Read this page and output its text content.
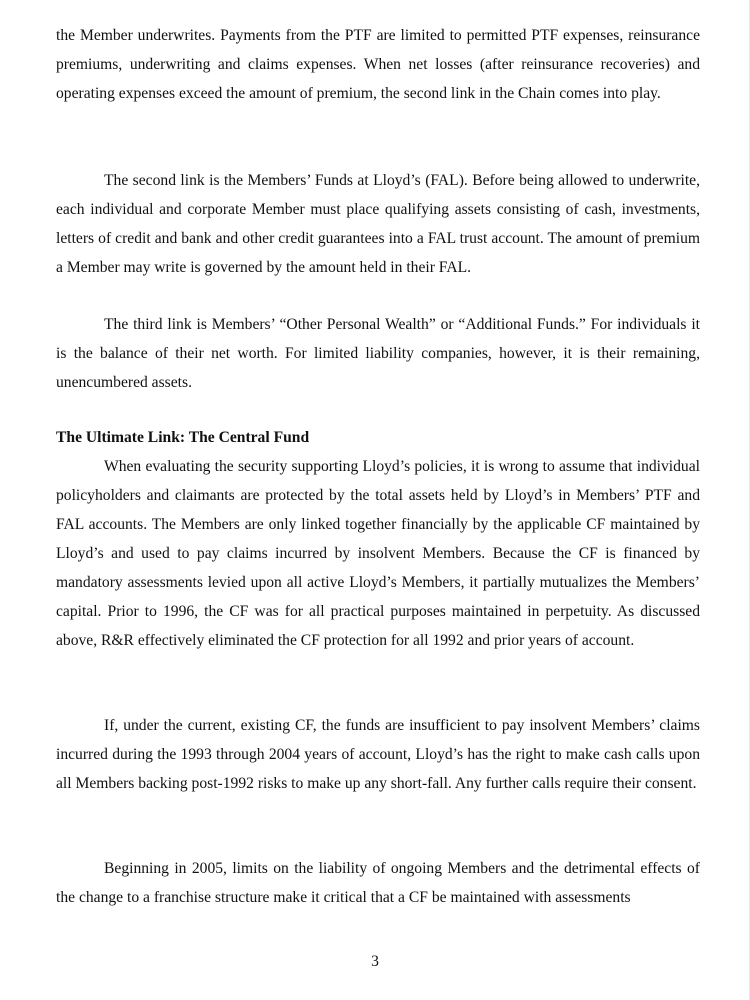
the Member underwrites. Payments from the PTF are limited to permitted PTF expenses, reinsurance premiums, underwriting and claims expenses. When net losses (after reinsurance recoveries) and operating expenses exceed the amount of premium, the second link in the Chain comes into play.

The second link is the Members’ Funds at Lloyd’s (FAL). Before being allowed to underwrite, each individual and corporate Member must place qualifying assets consisting of cash, investments, letters of credit and bank and other credit guarantees into a FAL trust account. The amount of premium a Member may write is governed by the amount held in their FAL.

The third link is Members’ “Other Personal Wealth” or “Additional Funds.” For individuals it is the balance of their net worth. For limited liability companies, however, it is their remaining, unencumbered assets.

The Ultimate Link: The Central Fund

When evaluating the security supporting Lloyd’s policies, it is wrong to assume that individual policyholders and claimants are protected by the total assets held by Lloyd’s in Members’ PTF and FAL accounts. The Members are only linked together financially by the applicable CF maintained by Lloyd’s and used to pay claims incurred by insolvent Members. Because the CF is financed by mandatory assessments levied upon all active Lloyd’s Members, it partially mutualizes the Members’ capital. Prior to 1996, the CF was for all practical purposes maintained in perpetuity. As discussed above, R&R effectively eliminated the CF protection for all 1992 and prior years of account.

If, under the current, existing CF, the funds are insufficient to pay insolvent Members’ claims incurred during the 1993 through 2004 years of account, Lloyd’s has the right to make cash calls upon all Members backing post-1992 risks to make up any short-fall. Any further calls require their consent.

Beginning in 2005, limits on the liability of ongoing Members and the detrimental effects of the change to a franchise structure make it critical that a CF be maintained with assessments

3
